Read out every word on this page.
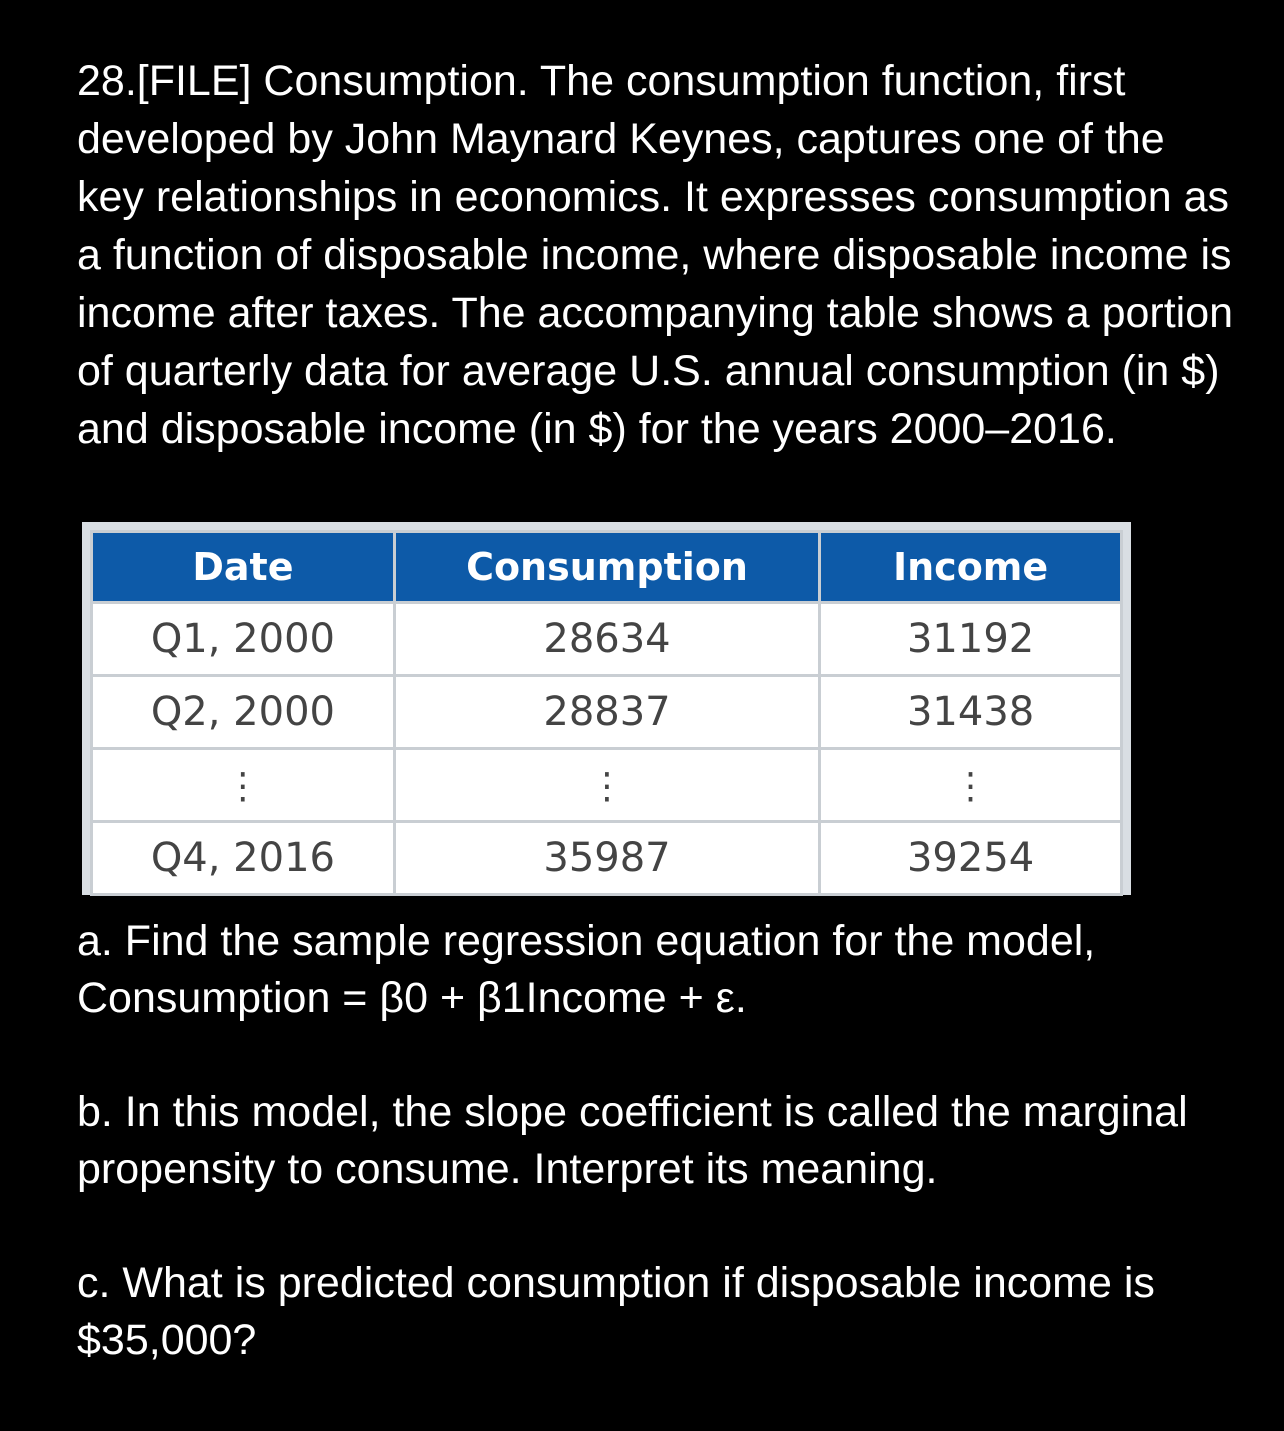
28.[FILE] Consumption. The consumption function, first developed by John Maynard Keynes, captures one of the key relationships in economics. It expresses consumption as a function of disposable income, where disposable income is income after taxes. The accompanying table shows a portion of quarterly data for average U.S. annual consumption (in $) and disposable income (in $) for the years 2000–2016.

Date	Consumption	Income
Q1, 2000	28634	31192
Q2, 2000	28837	31438
⋮	⋮	⋮
Q4, 2016	35987	39254

a. Find the sample regression equation for the model,

Consumption = β0 + β1Income + ε.

b. In this model, the slope coefficient is called the marginal propensity to consume. Interpret its meaning.

c. What is predicted consumption if disposable income is $35,000?
